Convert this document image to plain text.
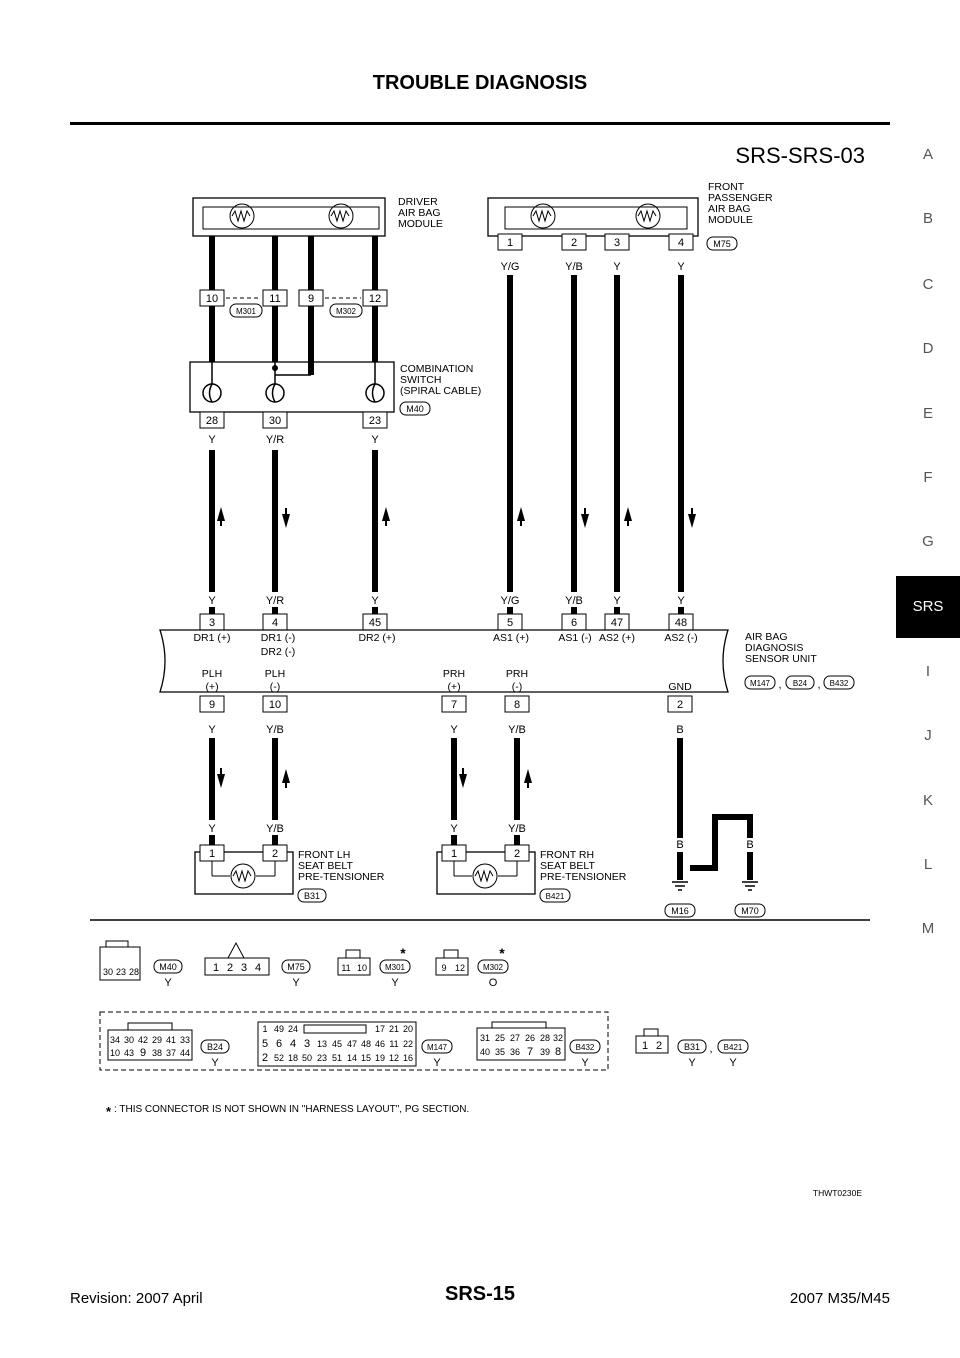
TROUBLE DIAGNOSIS
A
B
C
D
E
F
G
SRS
I
J
K
L
M
SRS-SRS-03
DRIVER AIR BAG MODULE
10	11 9	12
M301	M302
COMBINATION SWITCH (SPIRAL CABLE)
M40
28	30	23
Y	Y/R	Y
FRONT PASSENGER AIR BAG MODULE
M75
1	2	3	4
Y/G	Y/B	Y	Y
Y	Y/R	Y	Y/G	Y/B	Y	Y
3	4	45	5	6	47	48
DR1 (+)	DR1 (-)
DR2 (-)
DR2 (+)	AS1 (+)	AS1 (-) AS2 (+)	AS2 (-)
PLH
(+)
PLH
(-)
PRH
(+)
PRH
(-)	GND
AIR BAG DIAGNOSIS SENSOR UNIT
M147 , B24 , B432
9	10	7	8	2
Y	Y/B	Y	Y/B	B
Y	Y/B	Y	Y/B
1	2 FRONT LH SEAT BELT PRE-TENSIONER
B31
1	2 FRONT RH SEAT BELT PRE-TENSIONER
B421
B	B	B
M16	M70
30 23 28 M40
Y
1 2 3 4	M75
Y
11 10 M301
*
Y
9 12 M302
*
O
34 30 42 29 41 33
10 43 9 38 37 44
B24
Y
1 49 24	17 21 20
5 6 4 3 13 45 47 48 46 11 22
2 52 18 50 23 51 14 15 19 12 16
M147
Y
31 25 27 26 28 32
40 35 36 7 39 8 B432
Y
1 2 B31
Y
, B421
Y
* : THIS CONNECTOR IS NOT SHOWN IN "HARNESS LAYOUT", PG SECTION.
THWT0230E
Revision: 2007 April	SRS-15	2007 M35/M45
